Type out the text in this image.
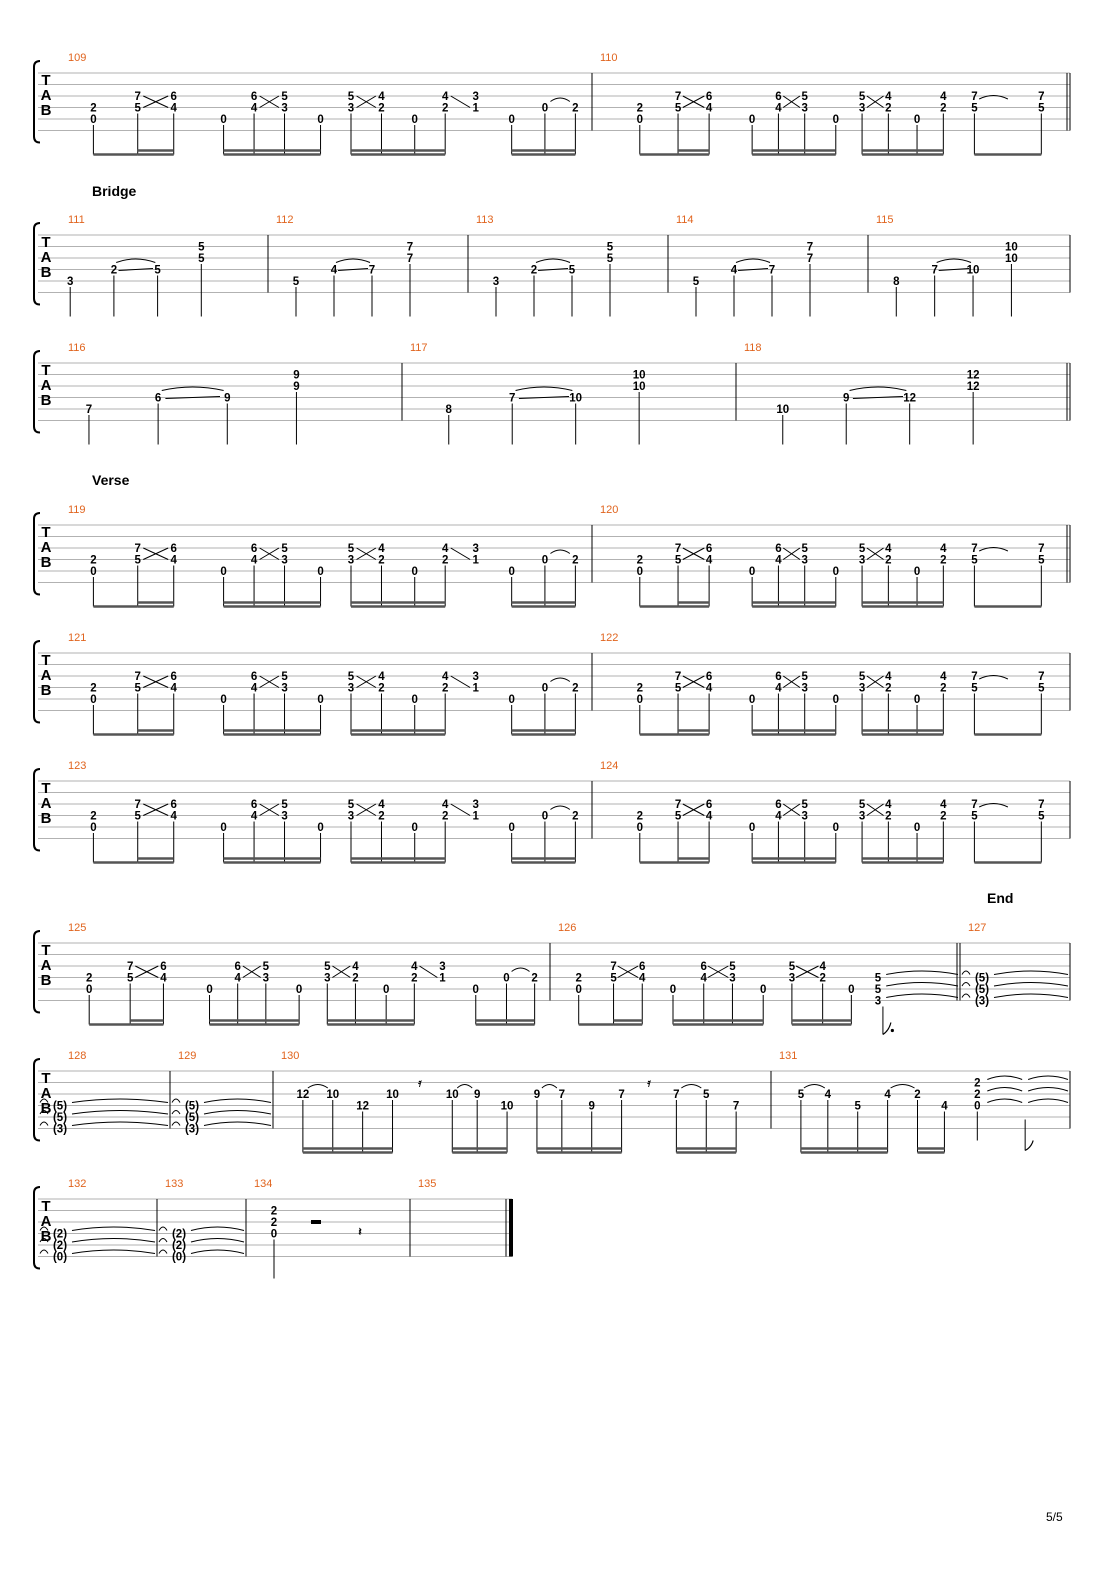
T
A
B
109
2
0
7
5
6
4
0
6
4
5
3
0
5
3
4
2
0
4
2
3
1
0
0 2
110
2
0
7
5
6
4
0
6
4
5
3
0
5
3
4
2
0
4
2
7
5
7
5
T
A
B
111
3
2	5
5
5
112
5
4	7
7
7
113
3
2	5
5
5
114
5
4	7
7
7
115
8
7	10
10
10
T
A
B
116
7
6	9
9
9
117
8
7	10
10
10
118
10
9	12
12
12
T
A
B
119
2
0
7
5
6
4
0
6
4
5
3
0
5
3
4
2
0
4
2
3
1
0
0 2
120
2
0
7
5
6
4
0
6
4
5
3
0
5
3
4
2
0
4
2
7
5
7
5
T
A
B
121
2
0
7
5
6
4
0
6
4
5
3
0
5
3
4
2
0
4
2
3
1
0
0 2
122
2
0
7
5
6
4
0
6
4
5
3
0
5
3
4
2
0
4
2
7
5
7
5
T
A
B
123
2
0
7
5
6
4
0
6
4
5
3
0
5
3
4
2
0
4
2
3
1
0
0 2
124
2
0
7
5
6
4
0
6
4
5
3
0
5
3
4
2
0
4
2
7
5
7
5
T
A
B
125
2
0
7
5
6
4
0
6
4
5
3
0
5
3
4
2
0
4
2
3
1
0
0 2
126
2
0
7
5
6
4
0
6
4
5
3
0
5
3
4
2
0
5
5
3
127
(5)
(5)
(3)
T
A
B
128
(5)
(5)
(3)
129
(5)
(5)
(3)
130
12 10
12
10	10 9
10
9 7
9
7	7 5
7
𝄿	𝄿
131
5 4
5
4 2
4
2
2
0
T
A
B
132
(2)
(2)
(0)
133
(2)
(2)
(0)
134
2
2
0	𝄽
135
Bridge
Verse
End
5/5
